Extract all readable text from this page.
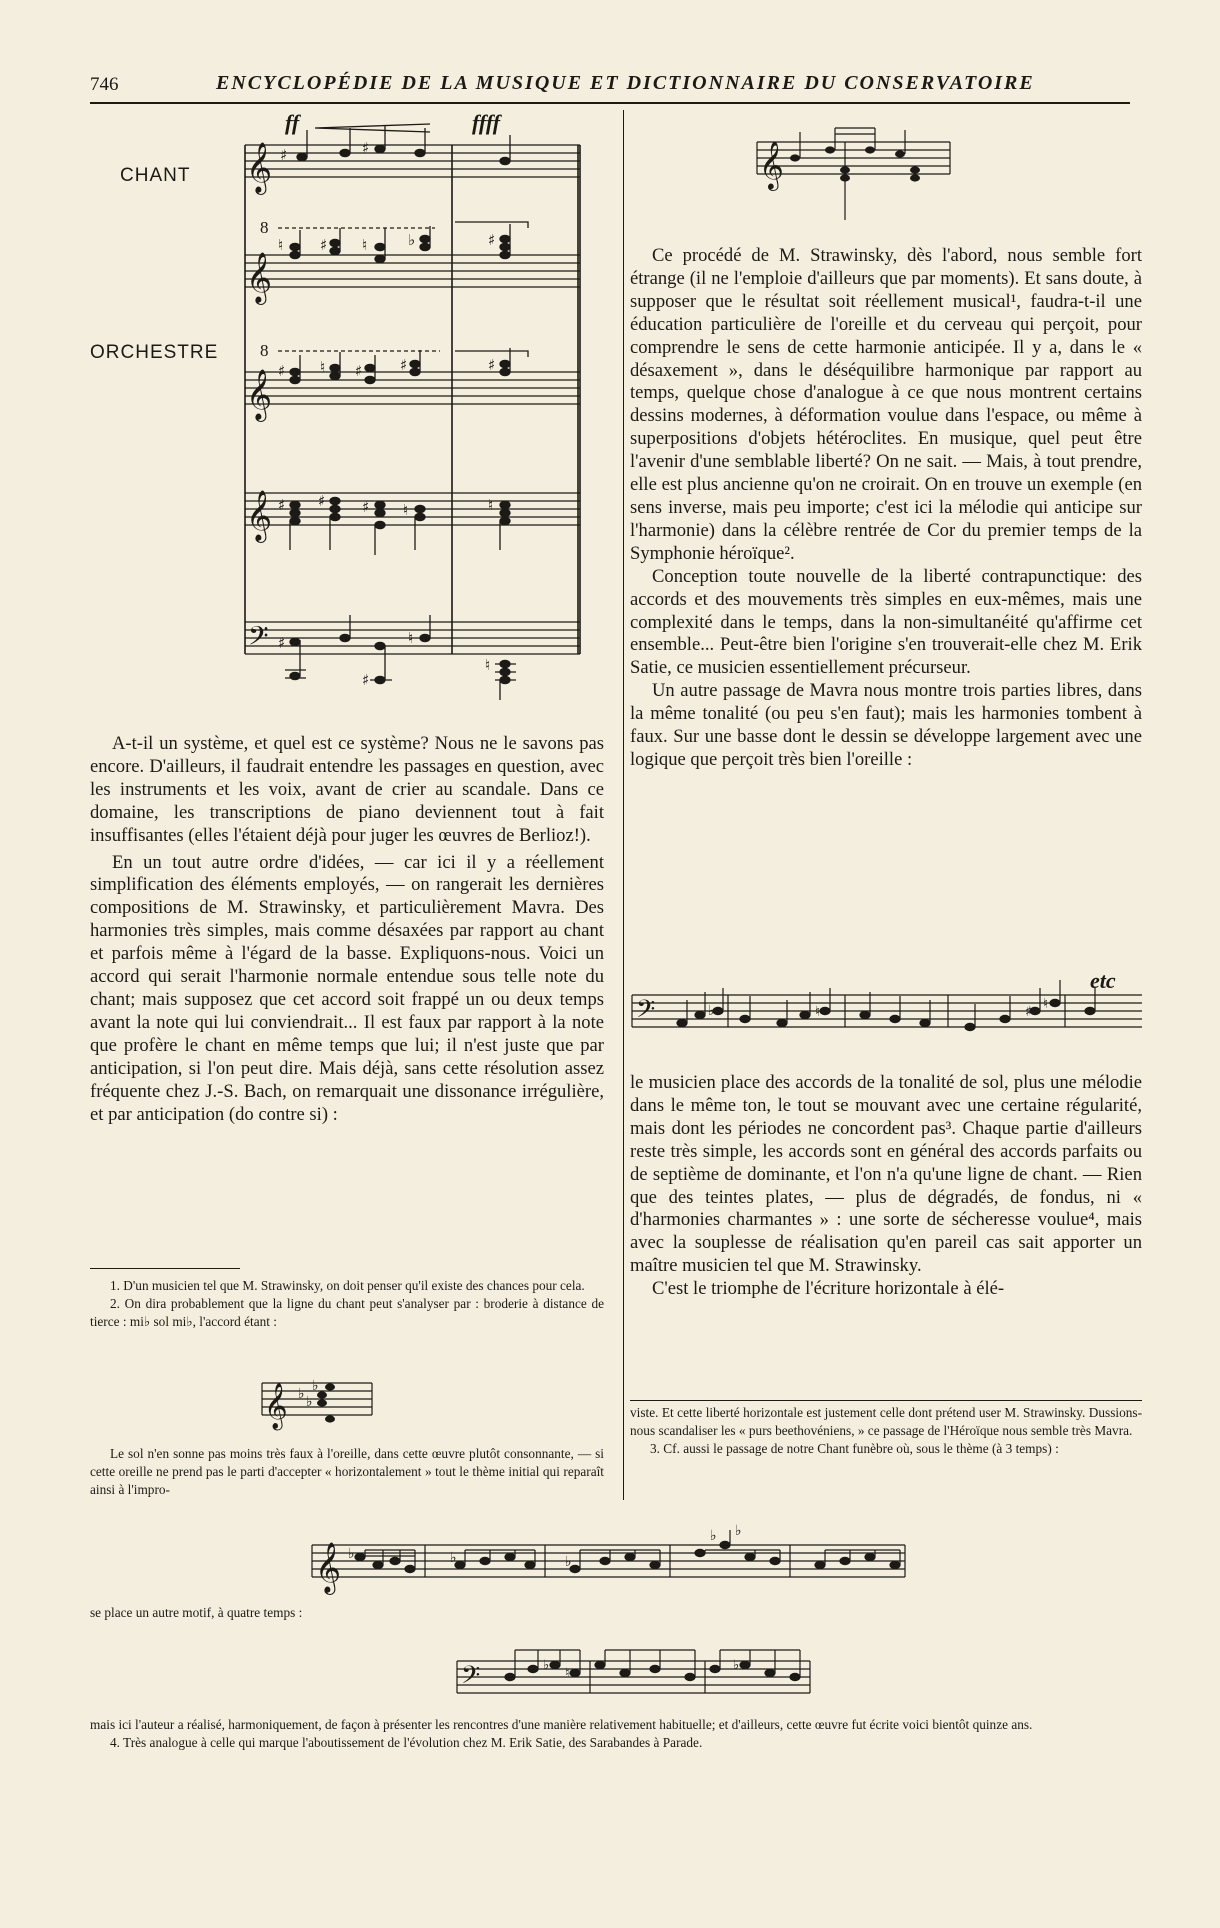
746	ENCYCLOPÉDIE DE LA MUSIQUE ET DICTIONNAIRE DU CONSERVATOIRE
CHANT
ORCHESTRE
8
8
ff	ffff
𝄞
𝄞
𝄞
𝄞
𝄢
♯	♯
♮ ♯ ♮	♭	♯
♯ ♮ ♯	♯	♯
♯ ♯ ♯ ♮	♮
♯
♯
♮
♮

A-t-il un système, et quel est ce système? Nous ne le savons pas encore. D'ailleurs, il faudrait entendre les passages en question, avec les instruments et les voix, avant de crier au scandale. Dans ce domaine, les transcriptions de piano deviennent tout à fait insuffisantes (elles l'étaient déjà pour juger les œuvres de Berlioz!).

En un tout autre ordre d'idées, — car ici il y a réellement simplification des éléments employés, — on rangerait les dernières compositions de M. Strawinsky, et particulièrement Mavra. Des harmonies très simples, mais comme désaxées par rapport au chant et parfois même à l'égard de la basse. Expliquons-nous. Voici un accord qui serait l'harmonie normale entendue sous telle note du chant; mais supposez que cet accord soit frappé un ou deux temps avant la note qui lui conviendrait... Il est faux par rapport à la note que profère le chant en même temps que lui; il n'est juste que par anticipation, si l'on peut dire. Mais déjà, sans cette résolution assez fréquente chez J.-S. Bach, on remarquait une dissonance irrégulière, et par anticipation (do contre si) :

1. D'un musicien tel que M. Strawinsky, on doit penser qu'il existe des chances pour cela.

2. On dira probablement que la ligne du chant peut s'analyser par : broderie à distance de tierce : mi♭ sol mi♭, l'accord étant :

𝄞 ♭ ♭
♭

Le sol n'en sonne pas moins très faux à l'oreille, dans cette œuvre plutôt consonnante, — si cette oreille ne prend pas le parti d'accepter « horizontalement » tout le thème initial qui reparaît ainsi à l'impro-

𝄞

Ce procédé de M. Strawinsky, dès l'abord, nous semble fort étrange (il ne l'emploie d'ailleurs que par moments). Et sans doute, à supposer que le résultat soit réellement musical¹, faudra-t-il une éducation particulière de l'oreille et du cerveau qui perçoit, pour comprendre le sens de cette harmonie anticipée. Il y a, dans le « désaxement », dans le déséquilibre harmonique par rapport au temps, quelque chose d'analogue à ce que nous montrent certains dessins modernes, à déformation voulue dans l'espace, ou même à superpositions d'objets hétéroclites. En musique, quel peut être l'avenir d'une semblable liberté? On ne sait. — Mais, à tout prendre, elle est plus ancienne qu'on ne croirait. On en trouve un exemple (en sens inverse, mais peu importe; c'est ici la mélodie qui anticipe sur l'harmonie) dans la célèbre rentrée de Cor du premier temps de la Symphonie héroïque².

Conception toute nouvelle de la liberté contrapunctique: des accords et des mouvements très simples en eux-mêmes, mais une complexité dans le temps, dans la non-simultanéité qu'affirme cet ensemble... Peut-être bien l'origine s'en trouverait-elle chez M. Erik Satie, ce musicien essentiellement précurseur.

Un autre passage de Mavra nous montre trois parties libres, dans la même tonalité (ou peu s'en faut); mais les harmonies tombent à faux. Sur une basse dont le dessin se développe largement avec une logique que perçoit très bien l'oreille :

𝄢
etc
♭	♮	♯ ♮

le musicien place des accords de la tonalité de sol, plus une mélodie dans le même ton, le tout se mouvant avec une certaine régularité, mais dont les périodes ne concordent pas³. Chaque partie d'ailleurs reste très simple, les accords sont en général des accords parfaits ou de septième de dominante, et l'on n'a qu'une ligne de chant. — Rien que des teintes plates, — plus de dégradés, de fondus, ni « d'harmonies charmantes » : une sorte de sécheresse voulue⁴, mais avec la souplesse de réalisation qu'en pareil cas sait apporter un maître musicien tel que M. Strawinsky.

C'est le triomphe de l'écriture horizontale à élé-

viste. Et cette liberté horizontale est justement celle dont prétend user M. Strawinsky. Dussions-nous scandaliser les « purs beethovéniens, » ce passage de l'Héroïque nous semble très Mavra.

3. Cf. aussi le passage de notre Chant funèbre où, sous le thème (à 3 temps) :

𝄞 ♭	♭	♭
♭ ♭

se place un autre motif, à quatre temps :

𝄢	♭
♮
♭

mais ici l'auteur a réalisé, harmoniquement, de façon à présenter les rencontres d'une manière relativement habituelle; et d'ailleurs, cette œuvre fut écrite voici bientôt quinze ans.

4. Très analogue à celle qui marque l'aboutissement de l'évolution chez M. Erik Satie, des Sarabandes à Parade.
